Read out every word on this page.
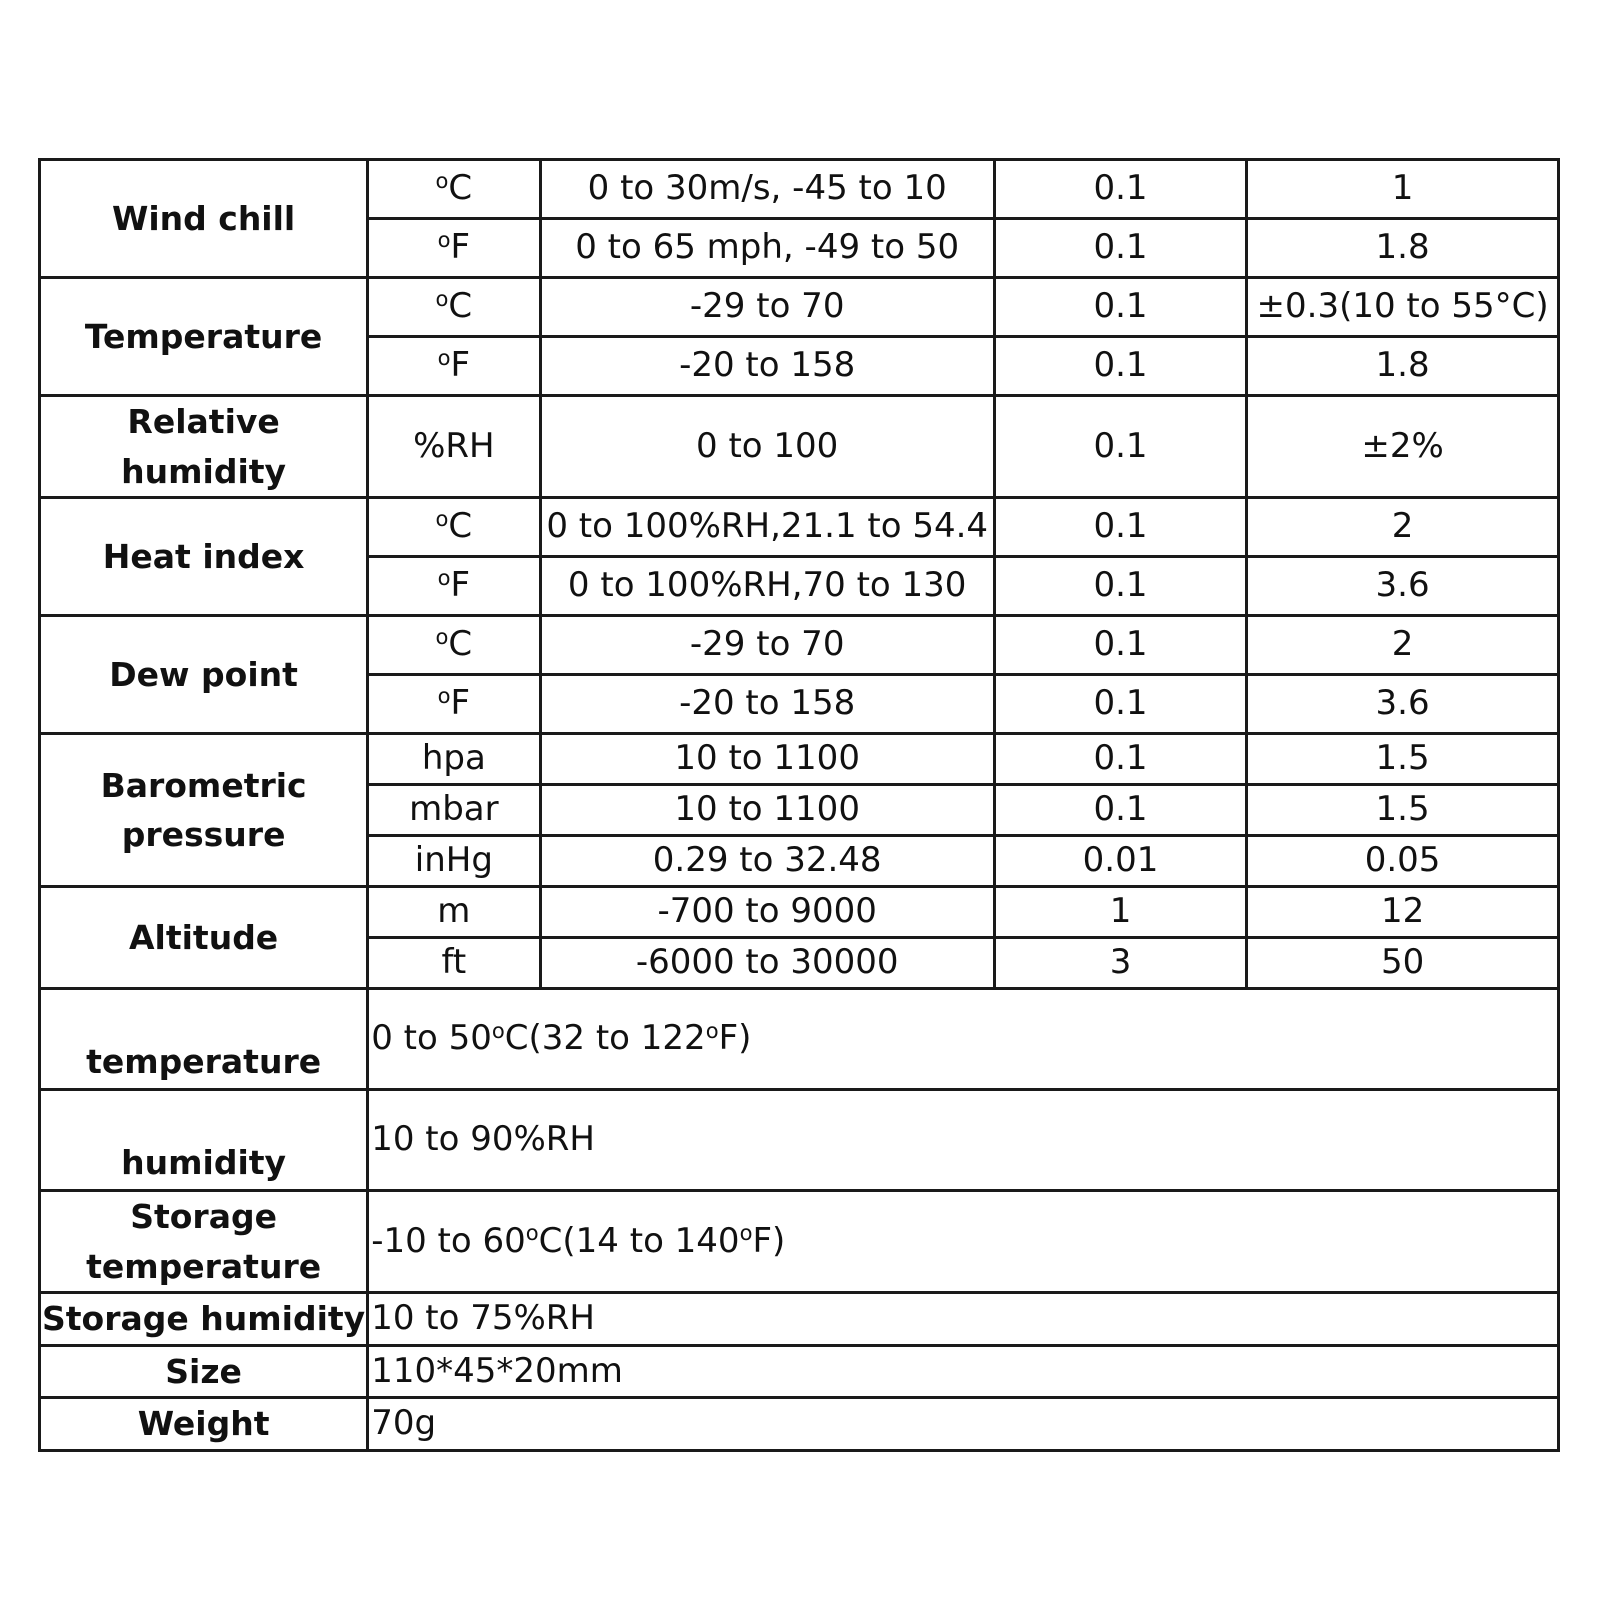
Wind chill	$^o$C	0 to 30m/s, -45 to 10	0.1	1
	$^o$F	0 to 65 mph, -49 to 50	0.1	1.8
Temperature	$^o$C	-29 to 70	0.1	±0.3(10 to 55°C)
	$^o$F	-20 to 158	0.1	1.8
Relative humidity	%RH	0 to 100	0.1	±2%
Heat index	$^o$C	0 to 100%RH,21.1 to 54.4	0.1	2
	$^o$F	0 to 100%RH,70 to 130	0.1	3.6
Dew point	$^o$C	-29 to 70	0.1	2
	$^o$F	-20 to 158	0.1	3.6
Barometric
pressure	hpa	10 to 1100	0.1	1.5
	mbar	10 to 1100	0.1	1.5
	inHg	0.29 to 32.48	0.01	0.05
Altitude	m	-700 to 9000	1	12
	ft	-6000 to 30000	3	50
temperature	0 to 50$^o$C(32 to 122$^o$F)			
humidity	10 to 90%RH			
Storage
temperature	-10 to 60$^o$C(14 to 140$^o$F)			
Storage humidity	10 to 75%RH			
Size	110*45*20mm			
Weight	70g			
